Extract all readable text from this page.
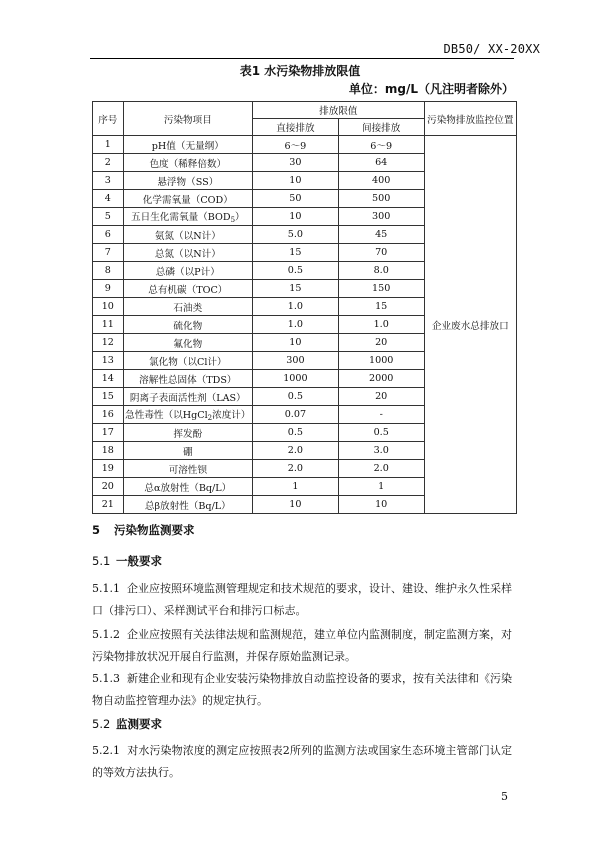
DB50/ XX-20XX
表1 水污染物排放限值
单位：mg/L（凡注明者除外）
序号	污染物项目	排放限值		污染物排放监控位置
		直接排放	间接排放	
1	pH值（无量纲）	6～9	6～9	企业废水总排放口
2	色度（稀释倍数）	30	64	
3	悬浮物（SS）	10	400	
4	化学需氧量（COD）	50	500	
5	五日生化需氧量$(BOD_5)$	10	300	
6	氨氮（以N计）	5.0	45	
7	总氮（以N计）	15	70	
8	总磷（以P计）	0.5	8.0	
9	总有机碳（TOC）	15	150	
10	石油类	1.0	15	
11	硫化物	1.0	1.0	
12	氟化物	10	20	
13	氯化物（以Cl计）	300	1000	
14	溶解性总固体（TDS）	1000	2000	
15	阴离子表面活性剂（LAS）	0.5	20	
16	急性毒性（以HgCl$_2$浓度计）	0.07	-	
17	挥发酚	0.5	0.5	
18	硼	2.0	3.0	
19	可溶性钡	2.0	2.0	
20	总α放射性（Bq/L）	1	1	
21	总β放射性（Bq/L）	10	10	
5 污染物监测要求
5.1 一般要求
5.1.1 企业应按照环境监测管理规定和技术规范的要求，设计、建设、维护永久性采样口（排污口）、采样测试平台和排污口标志。
5.1.2 企业应按照有关法律法规和监测规范，建立单位内监测制度，制定监测方案，对污染物排放状况开展自行监测，并保存原始监测记录。
5.1.3 新建企业和现有企业安装污染物排放自动监控设备的要求，按有关法律和《污染物自动监控管理办法》的规定执行。
5.2 监测要求
5.2.1 对水污染物浓度的测定应按照表2所列的监测方法或国家生态环境主管部门认定的等效方法执行。
5
